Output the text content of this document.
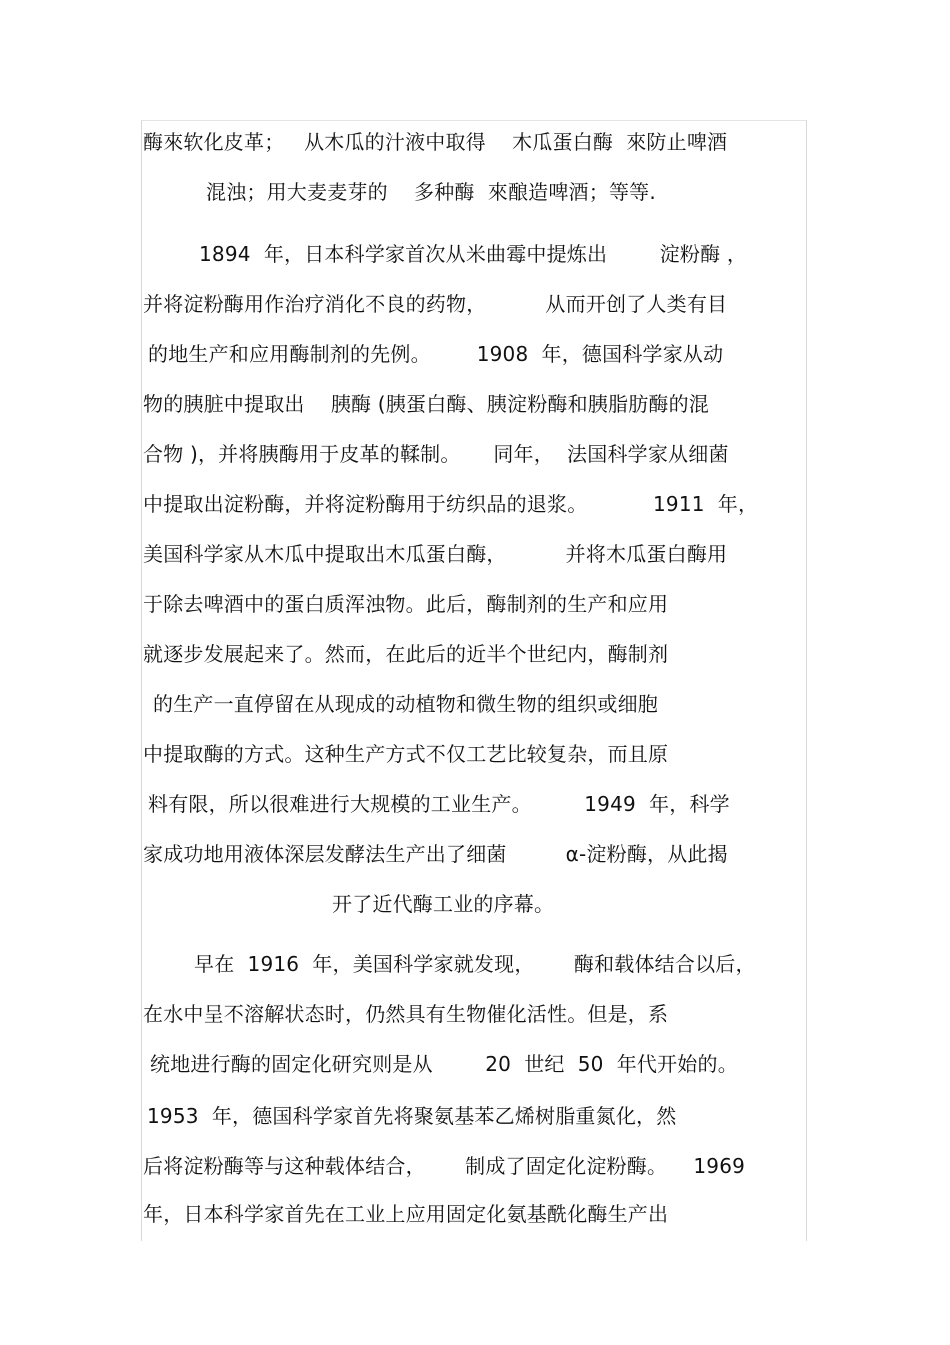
酶來软化皮革；   从木瓜的汁液中取得    木瓜蛋白酶  來防止啤酒
混浊；用大麦麦芽的    多种酶  來酿造啤酒；等等.
1894  年，日本科学家首次从米曲霉中提炼出        淀粉酶 ，
并将淀粉酶用作治疗消化不良的药物，         从而开创了人类有目
的地生产和应用酶制剂的先例。       1908  年，德国科学家从动
物的胰脏中提取出    胰酶 (胰蛋白酶、胰淀粉酶和胰脂肪酶的混
合物 )，并将胰酶用于皮革的鞣制。     同年，  法国科学家从细菌
中提取出淀粉酶，并将淀粉酶用于纺织品的退浆。          1911  年，
美国科学家从木瓜中提取出木瓜蛋白酶，         并将木瓜蛋白酶用
于除去啤酒中的蛋白质浑浊物。此后，酶制剂的生产和应用
就逐步发展起来了。然而，在此后的近半个世纪内，酶制剂
的生产一直停留在从现成的动植物和微生物的组织或细胞
中提取酶的方式。这种生产方式不仅工艺比较复杂，而且原
料有限，所以很难进行大规模的工业生产。        1949  年，科学
家成功地用液体深层发酵法生产出了细菌         α-淀粉酶，从此揭
开了近代酶工业的序幕。
早在  1916  年，美国科学家就发现，      酶和载体结合以后，
在水中呈不溶解状态时，仍然具有生物催化活性。但是，系
统地进行酶的固定化研究则是从        20  世纪  50  年代开始的。
1953  年，德国科学家首先将聚氨基苯乙烯树脂重氮化，然
后将淀粉酶等与这种载体结合，      制成了固定化淀粉酶。    1969
年，日本科学家首先在工业上应用固定化氨基酰化酶生产出
